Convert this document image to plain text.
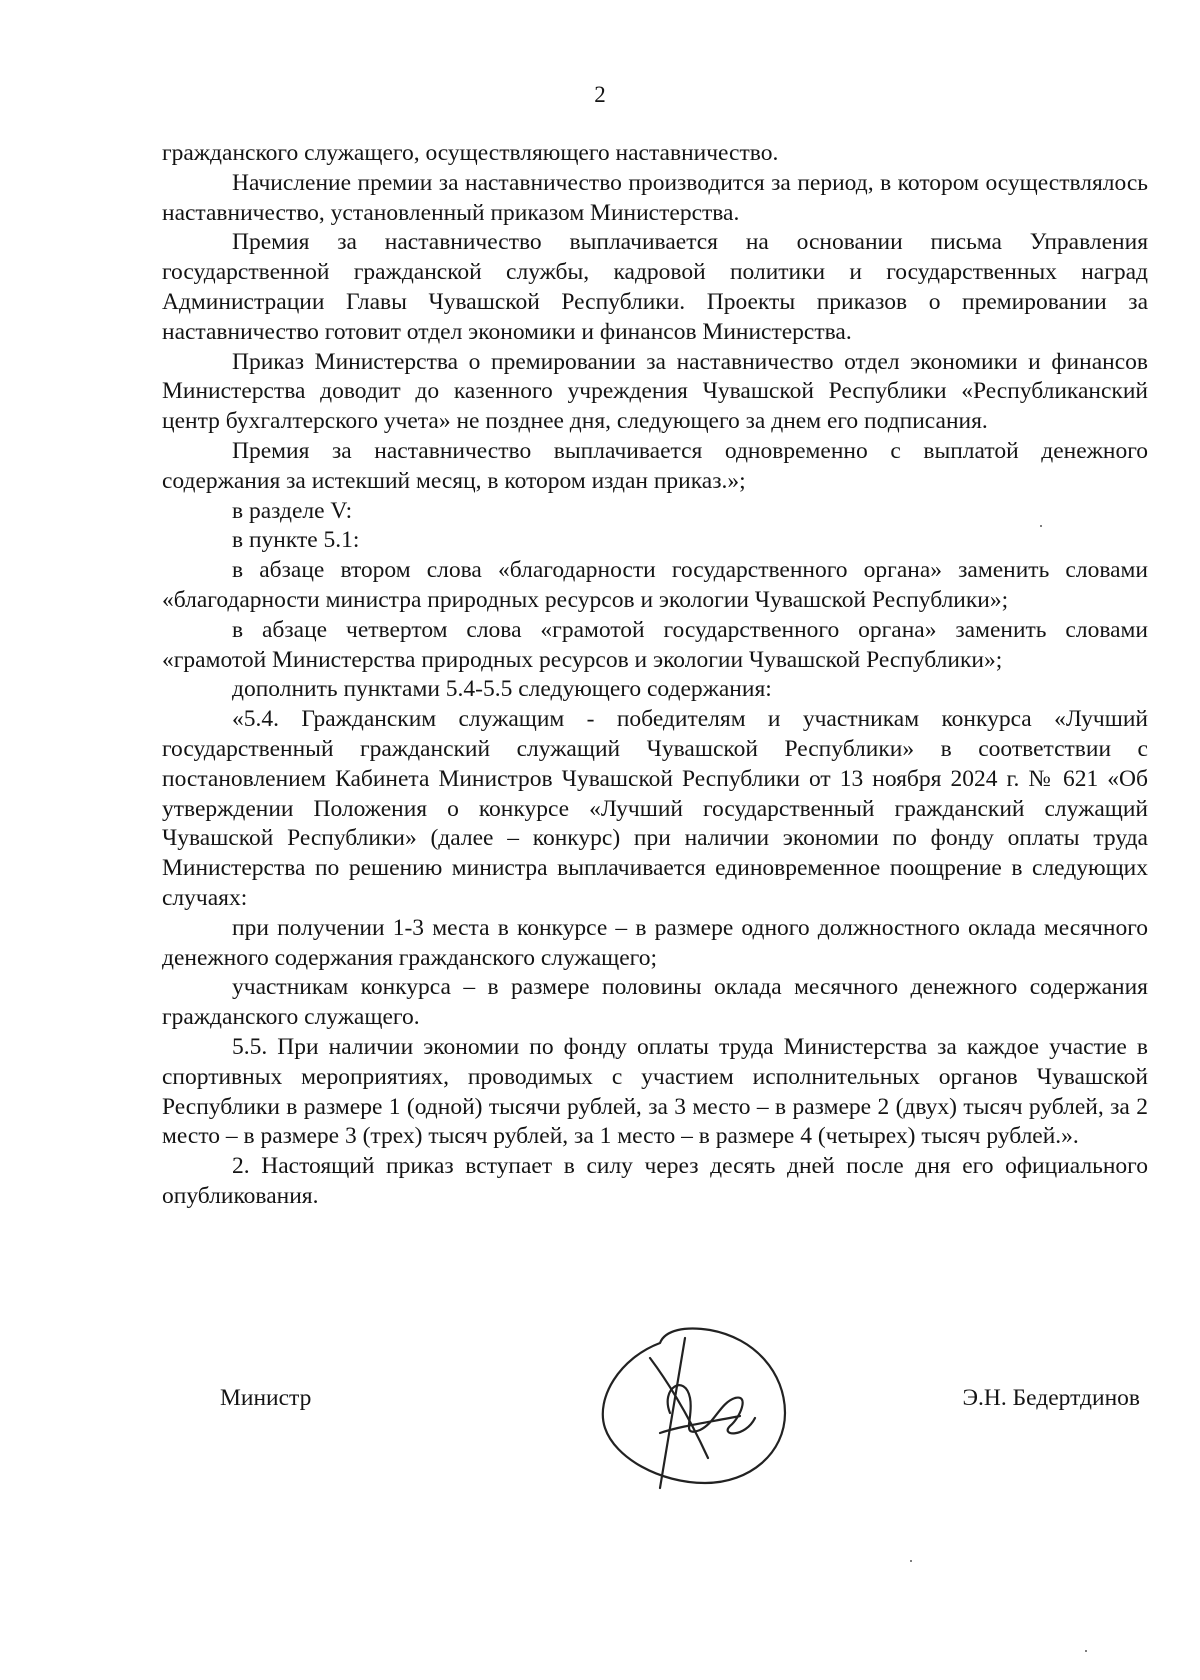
2

гражданского служащего, осуществляющего наставничество.

Начисление премии за наставничество производится за период, в котором осуществлялось наставничество, установленный приказом Министерства.

Премия за наставничество выплачивается на основании письма Управления государственной гражданской службы, кадровой политики и государственных наград Администрации Главы Чувашской Республики. Проекты приказов о премировании за наставничество готовит отдел экономики и финансов Министерства.

Приказ Министерства о премировании за наставничество отдел экономики и финансов Министерства доводит до казенного учреждения Чувашской Республики «Республиканский центр бухгалтерского учета» не позднее дня, следующего за днем его подписания.

Премия за наставничество выплачивается одновременно с выплатой денежного содержания за истекший месяц, в котором издан приказ.»;

в разделе V:

в пункте 5.1:

в абзаце втором слова «благодарности государственного органа» заменить словами «благодарности министра природных ресурсов и экологии Чувашской Республики»;

в абзаце четвертом слова «грамотой государственного органа» заменить словами «грамотой Министерства природных ресурсов и экологии Чувашской Республики»;

дополнить пунктами 5.4-5.5 следующего содержания:

«5.4. Гражданским служащим - победителям и участникам конкурса «Лучший государственный гражданский служащий Чувашской Республики» в соответствии с постановлением Кабинета Министров Чувашской Республики от 13 ноября 2024 г. № 621 «Об утверждении Положения о конкурсе «Лучший государственный гражданский служащий Чувашской Республики» (далее – конкурс) при наличии экономии по фонду оплаты труда Министерства по решению министра выплачивается единовременное поощрение в следующих случаях:

при получении 1-3 места в конкурсе – в размере одного должностного оклада месячного денежного содержания гражданского служащего;

участникам конкурса – в размере половины оклада месячного денежного содержания гражданского служащего.

5.5. При наличии экономии по фонду оплаты труда Министерства за каждое участие в спортивных мероприятиях, проводимых с участием исполнительных органов Чувашской Республики в размере 1 (одной) тысячи рублей, за 3 место – в размере 2 (двух) тысяч рублей, за 2 место – в размере 3 (трех) тысяч рублей, за 1 место – в размере 4 (четырех) тысяч рублей.».

2. Настоящий приказ вступает в силу через десять дней после дня его официального опубликования.

Министр	Э.Н. Бедертдинов
